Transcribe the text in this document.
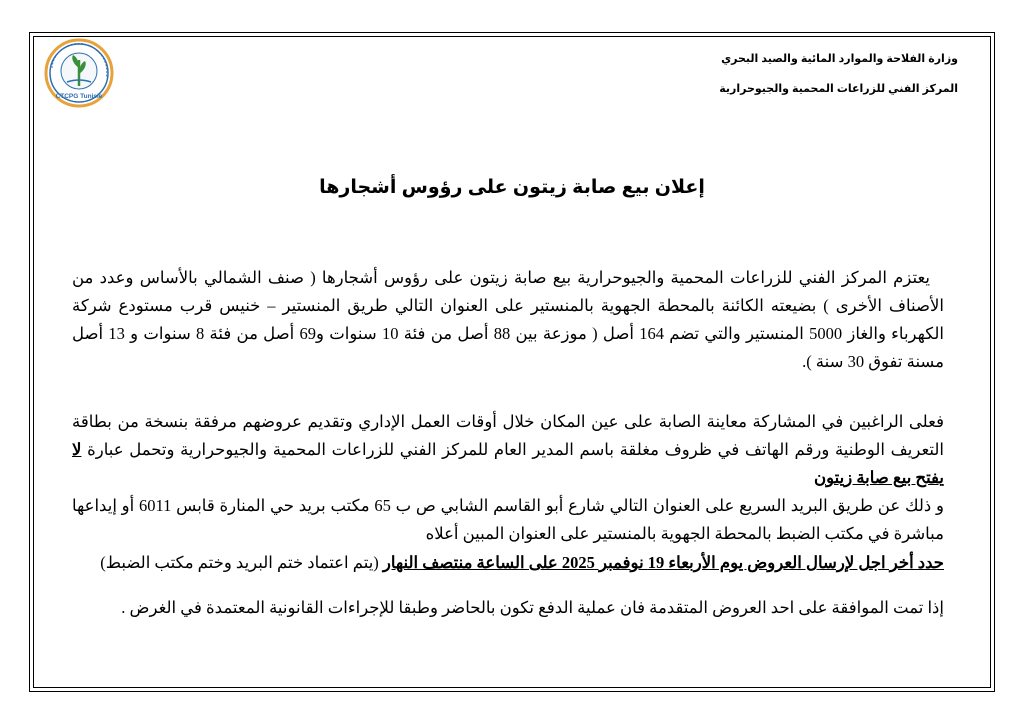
CTCPG Tunisie
وزارة الفلاحة والموارد المائية والصيد البحري
المركز الفني للزراعات المحمية والجيوحرارية
إعلان بيع صابة زيتون على رؤوس أشجارها
يعتزم المركز الفني للزراعات المحمية والجيوحرارية بيع صابة زيتون على رؤوس أشجارها ( صنف الشمالي بالأساس وعدد من الأصناف الأخرى ) بضيعته الكائنة بالمحطة الجهوية بالمنستير على العنوان التالي طريق المنستير – خنيس قرب مستودع شركة الكهرباء والغاز 5000 المنستير والتي تضم 164 أصل ( موزعة بين 88 أصل من فئة 10 سنوات و69 أصل من فئة 8 سنوات و 13 أصل مسنة تفوق 30 سنة ).
فعلى الراغبين في المشاركة معاينة الصابة على عين المكان خلال أوقات العمل الإداري وتقديم عروضهم مرفقة بنسخة من بطاقة التعريف الوطنية ورقم الهاتف في ظروف مغلقة باسم المدير العام للمركز الفني للزراعات المحمية والجيوحرارية وتحمل عبارة لا يفتح بيع صابة زيتون
و ذلك عن طريق البريد السريع على العنوان التالي شارع أبو القاسم الشابي ص ب 65 مكتب بريد حي المنارة قابس 6011 أو إيداعها مباشرة في مكتب الضبط بالمحطة الجهوية بالمنستير على العنوان المبين أعلاه
حدد أخر اجل لإرسال العروض يوم الأربعاء 19 نوفمبر 2025 على الساعة منتصف النهار (يتم اعتماد ختم البريد وختم مكتب الضبط)
إذا تمت الموافقة على احد العروض المتقدمة فان عملية الدفع تكون بالحاضر وطبقا للإجراءات القانونية المعتمدة في الغرض .
